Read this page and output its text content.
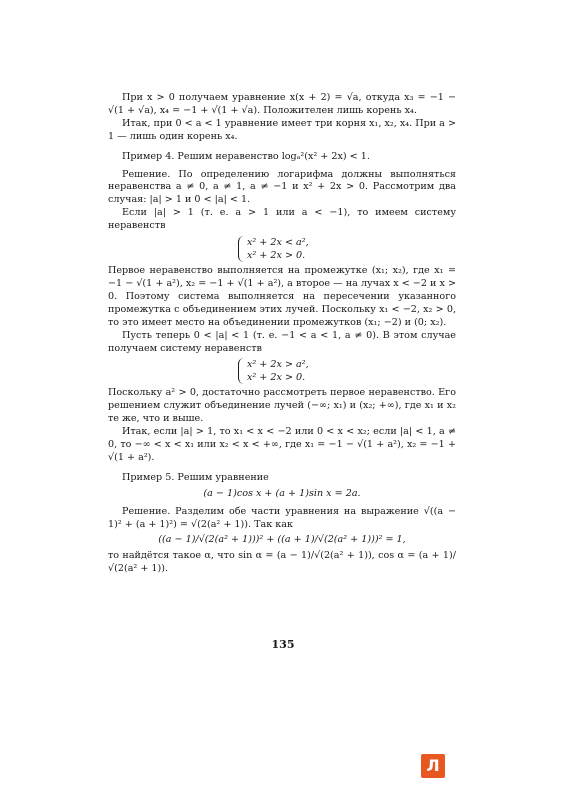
При x > 0 получаем уравнение x(x + 2) = √a, откуда x₃ = −1 − √(1 + √a), x₄ = −1 + √(1 + √a). Положителен лишь корень x₄.

Итак, при 0 < a < 1 уравнение имеет три корня x₁, x₂, x₄. При a > 1 — лишь один корень x₄.

Пример 4. Решим неравенство logₐ²(x² + 2x) < 1.

Решение. По определению логарифма должны выполняться неравенства a ≠ 0, a ≠ 1, a ≠ −1 и x² + 2x > 0. Рассмотрим два случая: |a| > 1 и 0 < |a| < 1.

Если |a| > 1 (т. е. a > 1 или a < −1), то имеем систему неравенств

x² + 2x < a²,
x² + 2x > 0.

Первое неравенство выполняется на промежутке (x₁; x₂), где x₁ = −1 − √(1 + a²), x₂ = −1 + √(1 + a²), а второе — на лучах x < −2 и x > 0. Поэтому система выполняется на пересечении указанного промежутка с объединением этих лучей. Поскольку x₁ < −2, x₂ > 0, то это имеет место на объединении промежутков (x₁; −2) и (0; x₂).

Пусть теперь 0 < |a| < 1 (т. е. −1 < a < 1, a ≠ 0). В этом случае получаем систему неравенств

x² + 2x > a²,
x² + 2x > 0.

Поскольку a² > 0, достаточно рассмотреть первое неравенство. Его решением служит объединение лучей (−∞; x₁) и (x₂; +∞), где x₁ и x₂ те же, что и выше.

Итак, если |a| > 1, то x₁ < x < −2 или 0 < x < x₂; если |a| < 1, a ≠ 0, то −∞ < x < x₁ или x₂ < x < +∞, где x₁ = −1 − √(1 + a²), x₂ = −1 + √(1 + a²).

Пример 5. Решим уравнение

(a − 1)cos x + (a + 1)sin x = 2a.

Решение. Разделим обе части уравнения на выражение √((a − 1)² + (a + 1)²) = √(2(a² + 1)). Так как

((a − 1)/√(2(a² + 1)))² + ((a + 1)/√(2(a² + 1)))² = 1,

то найдётся такое α, что sin α = (a − 1)/√(2(a² + 1)), cos α = (a + 1)/√(2(a² + 1)).

135
Л
